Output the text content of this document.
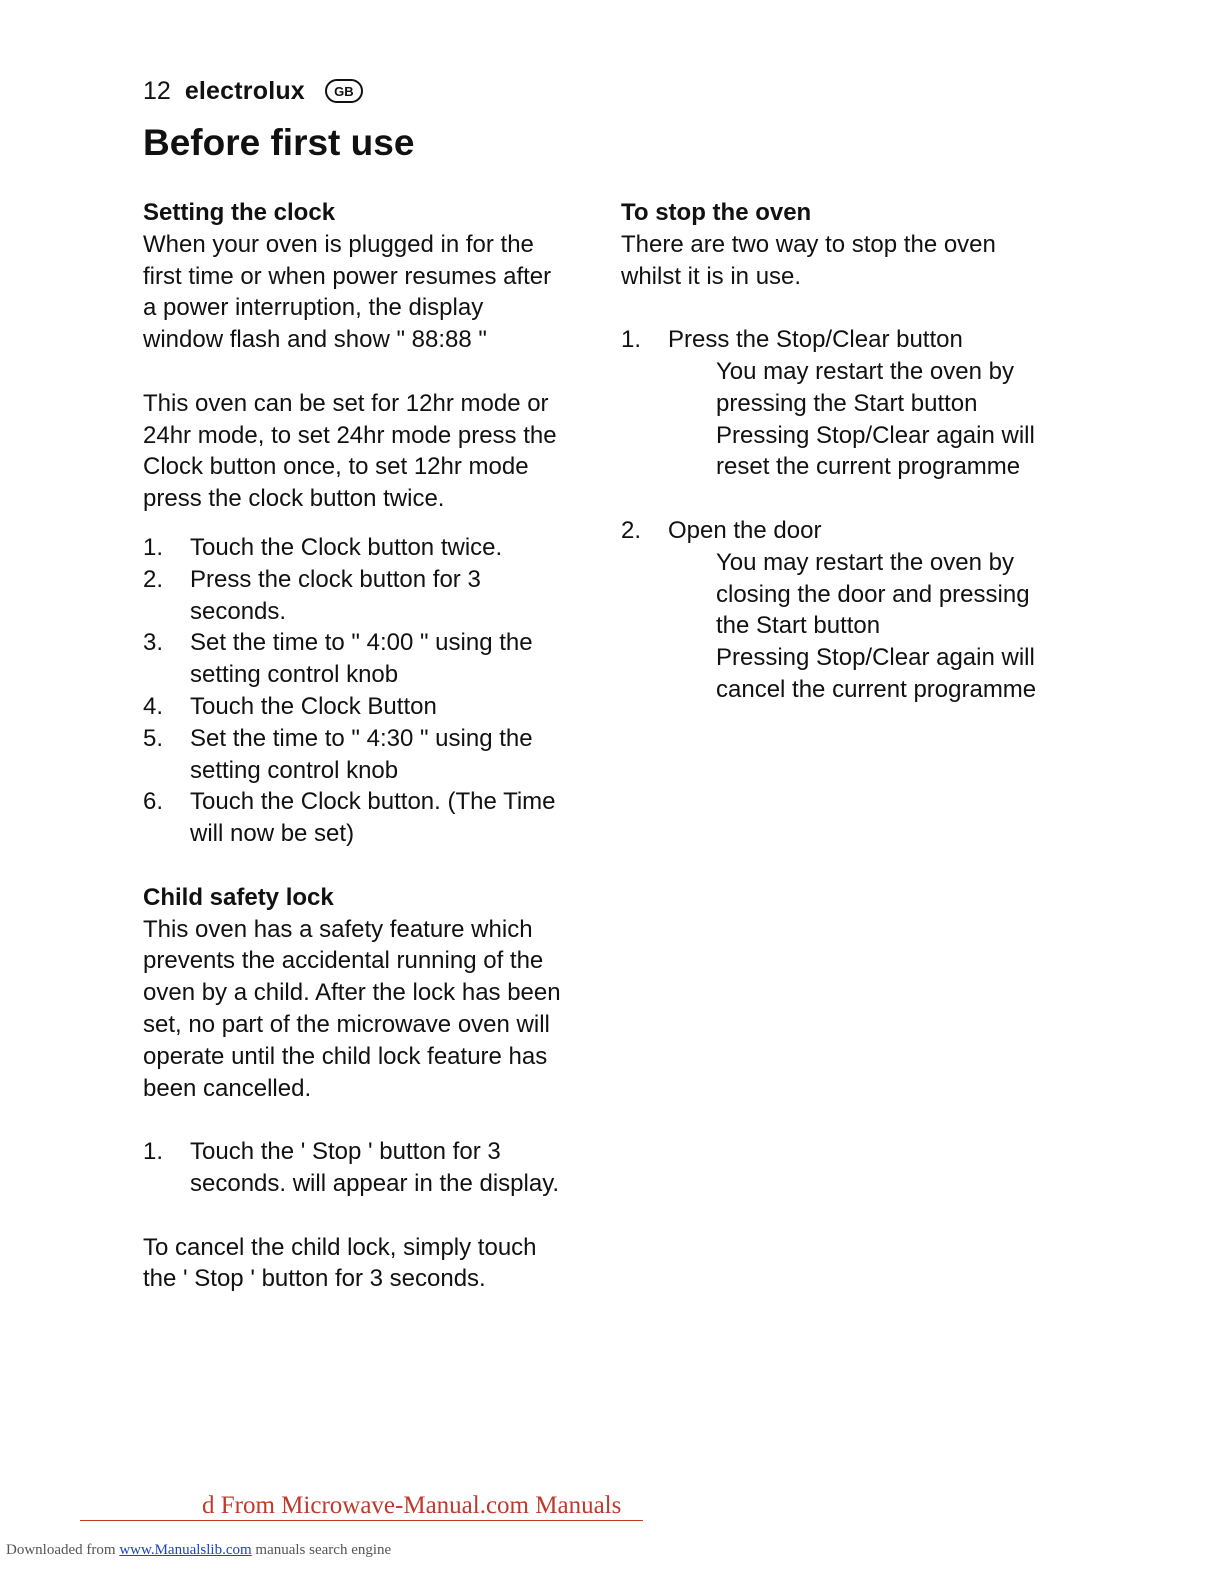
12 electrolux	GB
Before first use
Setting the clock

When your oven is plugged in for the

first time or when power resumes after

a power interruption, the display

window flash and show " 88:88 "

This oven can be set for 12hr mode or

24hr mode, to set 24hr mode press the

Clock button once, to set 12hr mode

press the clock button twice.

1.	Touch the Clock button twice.
2.	Press the clock button for 3

seconds.

3.	Set the time to " 4:00 " using the

setting control knob

4.	Touch the Clock Button
5.	Set the time to " 4:30 " using the

setting control knob

6.	Touch the Clock button. (The Time

will now be set)

Child safety lock

This oven has a safety feature which

prevents the accidental running of the

oven by a child. After the lock has been

set, no part of the microwave oven will

operate until the child lock feature has

been cancelled.

1.	Touch the ' Stop ' button for 3

seconds. will appear in the display.

To cancel the child lock, simply touch

the ' Stop ' button for 3 seconds.

To stop the oven

There are two way to stop the oven

whilst it is in use.

1.	Press the Stop/Clear button

You may restart the oven by

pressing the Start button

Pressing Stop/Clear again will

reset the current programme

2.	Open the door

You may restart the oven by

closing the door and pressing

the Start button

Pressing Stop/Clear again will

cancel the current programme

d From Microwave-Manual.com Manuals
Downloaded from www.Manualslib.com manuals search engine
